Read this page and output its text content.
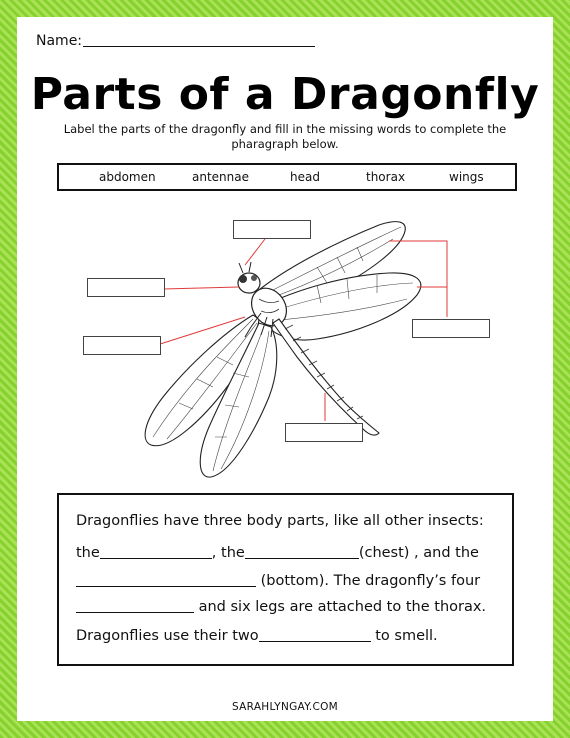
Name:
Parts of a Dragonfly
Label the parts of the dragonfly and fill in the missing words to complete the pharagraph below.
abdomen	antennae	head	thorax	wings
Dragonflies have three body parts, like all other insects:
the	, the	(chest) , and the
(bottom). The dragonfly’s four
and six legs are attached to the thorax.
Dragonflies use their two	to smell.
SARAHLYNGAY.COM
